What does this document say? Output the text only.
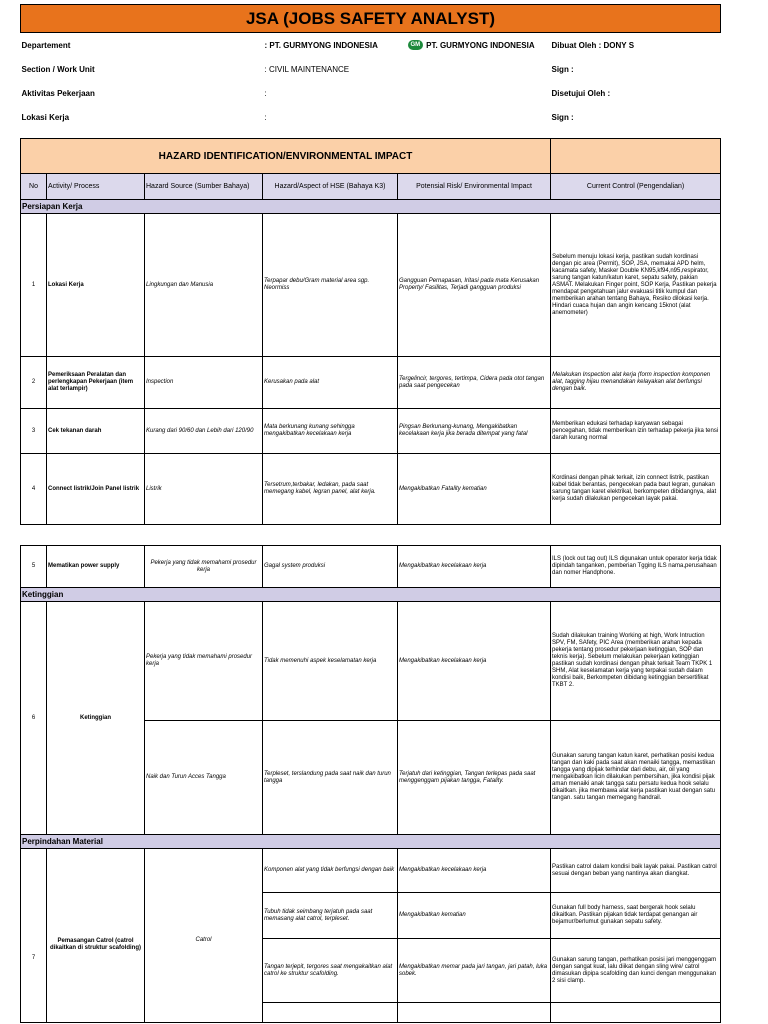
JSA (JOBS SAFETY ANALYST)			
Departement	: PT. GURMYONG INDONESIA	GM PT. GURMYONG INDONESIA	Dibuat Oleh : DONY S
Section / Work Unit	: CIVIL MAINTENANCE		Sign :
Aktivitas Pekerjaan	:		Disetujui Oleh :
Lokasi Kerja	:		Sign :
HAZARD IDENTIFICATION/ENVIRONMENTAL IMPACT					
No	Activity/ Process	Hazard Source (Sumber Bahaya)	Hazard/Aspect of HSE (Bahaya K3)	Potensial Risk/ Environmental Impact	Current Control (Pengendalian)
Persiapan Kerja					
1	Lokasi Kerja	Lingkungan dan Manusia	Terpapar debu/Gram material area sgp. Neormiss	Gangguan Pernapasan, Iritasi pada mata Kerusakan Property/ Fasilitas, Terjadi gangguan produksi	Sebelum menuju lokasi kerja, pastikan sudah kordinasi dengan pic area (Permit), SOP, JSA, memakai APD helm, kacamata safety, Masker Double KN95,kf94,n95,respirator, sarung tangan katun/katun karet, sepatu safety, pakian ASMAT. Melakukan Finger point, SOP Kerja, Pastikan pekerja mendapat pengetahuan jalur evakuasi titik kumpul dan memberikan arahan tentang Bahaya, Resiko dilokasi kerja. Hindari cuaca hujan dan angin kencang 15knot (alat anemometer)
2	Pemeriksaan Peralatan dan perlengkapan Pekerjaan (item alat terlampir)	Inspection	Kerusakan pada alat	Tergelincir, tergores, tertimpa, Cidera pada otot tangan pada saat pengecekan	Melakukan Inspection alat kerja (form inspection komponen alat, tagging hijau menandakan kelayakan alat berfungsi dengan baik.
3	Cek tekanan darah	Kurang dari 90/60 dan Lebih dari 120/90	Mata berkunang kunang sehingga mengakibatkan kecelakaan kerja	Pingsan Berkunang-kunang, Mengakibatkan kecelakaan kerja jika berada ditempat yang fatal	Memberikan edukasi terhadap karyawan sebagai pencegahan, tidak memberikan izin terhadap pekerja jika tensi darah kurang normal
4	Connect listrik/Join Panel listrik	Listrik	Tersetrum,terbakar, ledakan, pada saat memegang kabel, legran panel, alat kerja.	Mengakibatkan Fatality kematian	Kordinasi dengan pihak terkait, izin connect listrik, pastikan kabel tidak berantas, pengecekan pada baut legran, gunakan sarung tangan karet elektrikal, berkompeten dibidangnya, alat kerja sudah dilakukan pengecekan layak pakai.
5	Mematikan power supply	Pekerja yang tidak memahami prosedur kerja	Gagal system produksi	Mengakibatkan kecelakaan kerja	ILS (lock out tag out) ILS digunakan untuk operator kerja tidak dipindah tanganken, pemberian Tgging ILS nama,perusahaan dan nomer Handphone.
Ketinggian					
6	Ketinggian	Pekerja yang tidak memahami prosedur kerja	Tidak memenuhi aspek keselamatan kerja	Mengakibatkan kecelakaan kerja	Sudah dilakukan training Working at high, Work Intruction SPV, FM, SAfety, PIC Area (memberikan arahan kepada pekerja tentang prosedur pekerjaan ketinggian, SOP dan teknis kerja). Sebelum melakukan pekerjaan ketinggian pastikan sudah kordinasi dengan pihak terkait Team TKPK 1 SHM, Alat keselamatan kerja yang terpakai sudah dalam kondisi baik, Berkompeten dibidang ketinggian bersertifikat TKBT 2.
		Naik dan Turun Acces Tangga	Terpleset, terslandung pada saat naik dan turun tangga	Terjatuh dari ketinggian, Tangan terlepas pada saat menggenggam pijakan tangga, Fatality.	Gunakan sarung tangan katun karet, perhatikan posisi kedua tangan dan kaki pada saat akan menaiki tangga, memastikan tangga yang dipijak terhindar dari debu, air, oil yang mengakibatkan licin dilakukan pembersihan, jika kondisi pijak aman menaiki anak tangga satu persatu kedua hook selalu dikaitkan. jika membawa alat kerja pastikan kuat dengan satu tangan. satu tangan memegang handrail.
Perpindahan Material					
7	Pemasangan Catrol (catrol dikaitkan di struktur scafolding)	Catrol	Komponen alat yang tidak berfungsi dengan baik	Mengakibatkan kecelakaan kerja	Pastikan catrol dalam kondisi baik layak pakai. Pastikan catrol sesuai dengan beban yang nantinya akan diangkat.
			Tubuh tidak seimbang terjatuh pada saat memasang alat catrol, terpleset.	Mengakibatkan kematian	Gunakan full body harness, saat bergerak hook selalu dikaitkan. Pastikan pijakan tidak terdapat genangan air bejamur/berlumut gunakan sepatu safety.
			Tangan terjepit, tergores saat mengakaitkan alat catrol ke struktur scafolding.	Mengakibatkan memar pada jari tangan, jari patah, luka sobek.	Gunakan sarung tangan, perhatikan posisi jari menggenggam dengan sangat kuat, lalu diikat dengan sling wire/ catrol dimasukan dipipa scafolding dan kunci dengan menggunakan 2 sisi clamp.
